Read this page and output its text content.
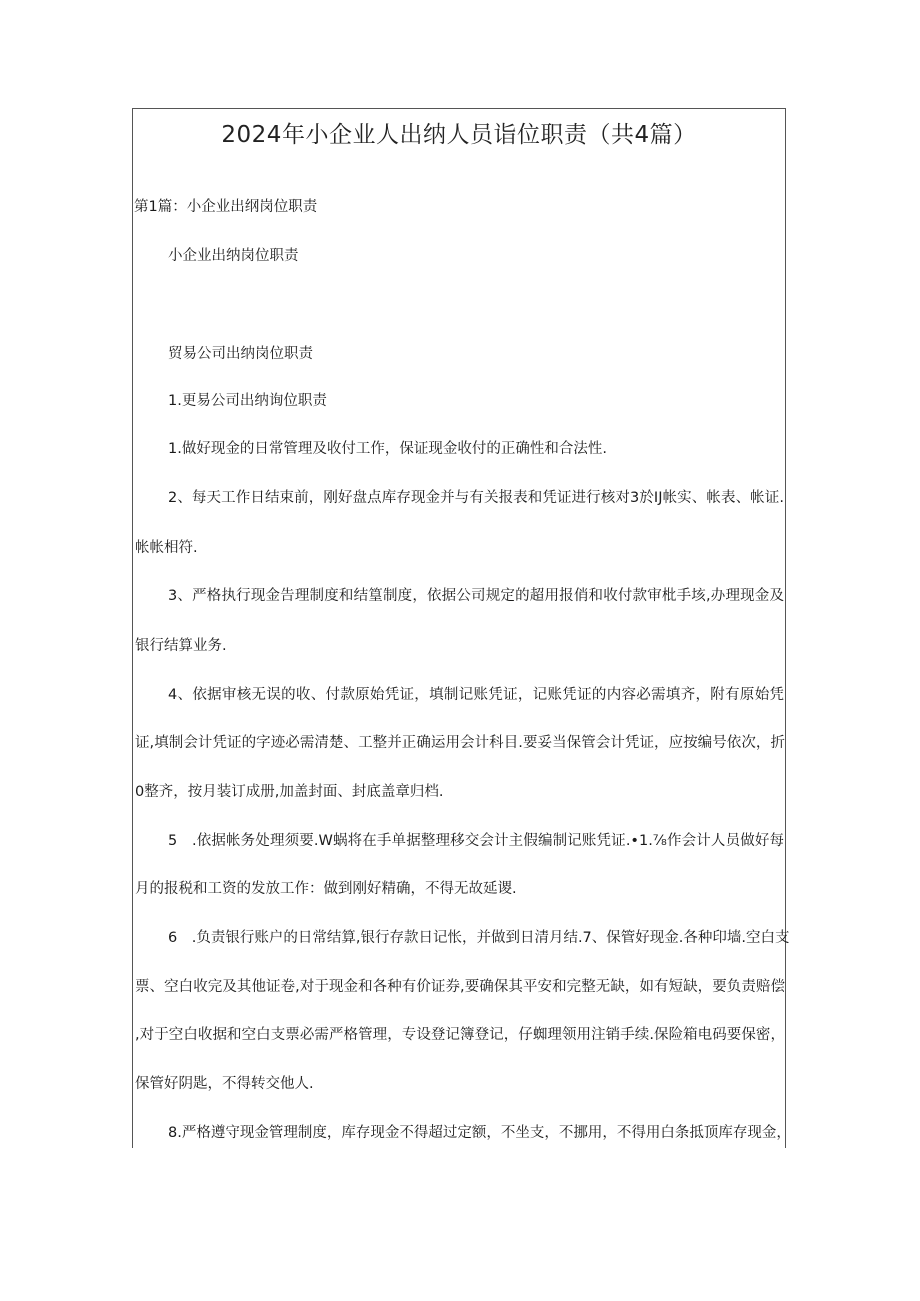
2024年小企业人出纳人员诣位职责（共4篇）
第1篇：小企业出纲岗位职责
小企业出纳岗位职责
贸易公司出纳岗位职责
1.更易公司出纳询位职责
1.做好现金的日常管理及收付工作，保证现金收付的正确性和合法性.
2、每天工作日结束前，刚好盘点库存现金并与有关报表和凭证进行核对3於IJ帐实、帐表、帐证.
帐帐相符.
3、严格执行现金告理制度和结篁制度，依据公司规定的超用报俏和收付款审枇手垓,办理现金及
银行结算业务.
4、依据审核无误的收、付款原始凭证，填制记账凭证，记账凭证的内容必需填齐，附有原始凭
证,填制会计凭证的字迹必需清楚、工整并正确运用会计科目.要妥当保管会计凭证，应按编号依次，折
0整齐，按月装订成册,加盖封面、封底盖章归档.
5　.依据帐务处理须要.W蜗将在手单据整理移交会计主假编制记账凭证.•1.⅞作会计人员做好每
月的报税和工资的发放工作：做到刚好精确，不得无故延谡.
6　.负责银行账户的日常结算,银行存款日记怅，并做到日清月结.7、保管好现金.各种印墙.空白支
票、空白收完及其他证卷,对于现金和各种有价证券,要确保其平安和完整无缺，如有短缺，要负责赔偿
,对于空白收据和空白支票必需严格管理，专设登记簿登记，仔蜘理领用注销手续.保险箱电码要保密，
保管好阴匙，不得转交他人.
8.严格遵守现金管理制度，库存现金不得超过定额，不坐支，不挪用，不得用白条抵顶库存现金，
